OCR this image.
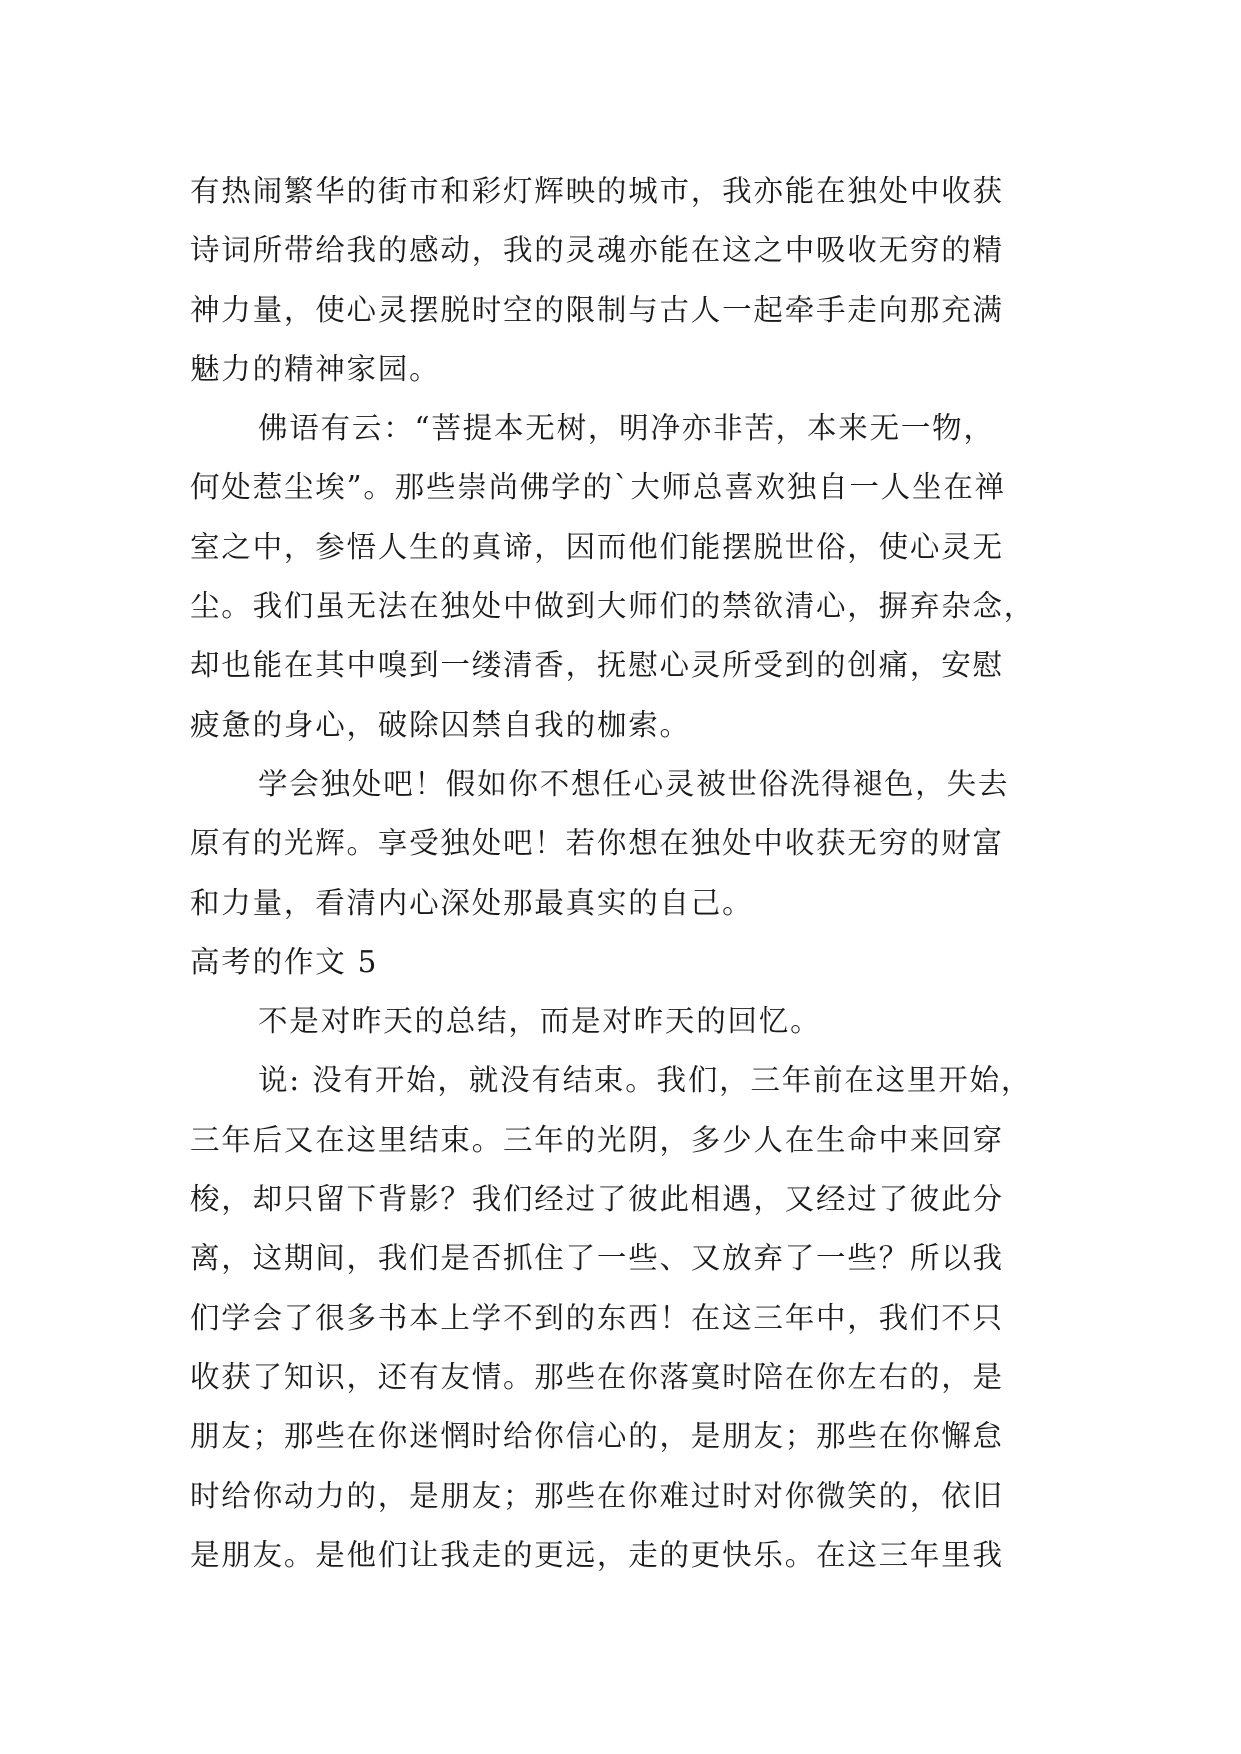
有热闹繁华的街市和彩灯辉映的城市，我亦能在独处中收获
诗词所带给我的感动，我的灵魂亦能在这之中吸收无穷的精
神力量，使心灵摆脱时空的限制与古人一起牵手走向那充满
魅力的精神家园。
佛语有云：“菩提本无树，明净亦非苦，本来无一物，
何处惹尘埃”。那些崇尚佛学的`大师总喜欢独自一人坐在禅
室之中，参悟人生的真谛，因而他们能摆脱世俗，使心灵无
尘。我们虽无法在独处中做到大师们的禁欲清心，摒弃杂念，
却也能在其中嗅到一缕清香，抚慰心灵所受到的创痛，安慰
疲惫的身心，破除囚禁自我的枷索。
学会独处吧！假如你不想任心灵被世俗洗得褪色，失去
原有的光辉。享受独处吧！若你想在独处中收获无穷的财富
和力量，看清内心深处那最真实的自己。
高考的作文 5
不是对昨天的总结，而是对昨天的回忆。
说: 没有开始，就没有结束。我们，三年前在这里开始，
三年后又在这里结束。三年的光阴，多少人在生命中来回穿
梭，却只留下背影？我们经过了彼此相遇，又经过了彼此分
离，这期间，我们是否抓住了一些、又放弃了一些？所以我
们学会了很多书本上学不到的东西！在这三年中，我们不只
收获了知识，还有友情。那些在你落寞时陪在你左右的，是
朋友；那些在你迷惘时给你信心的，是朋友；那些在你懈怠
时给你动力的，是朋友；那些在你难过时对你微笑的，依旧
是朋友。是他们让我走的更远，走的更快乐。在这三年里我
